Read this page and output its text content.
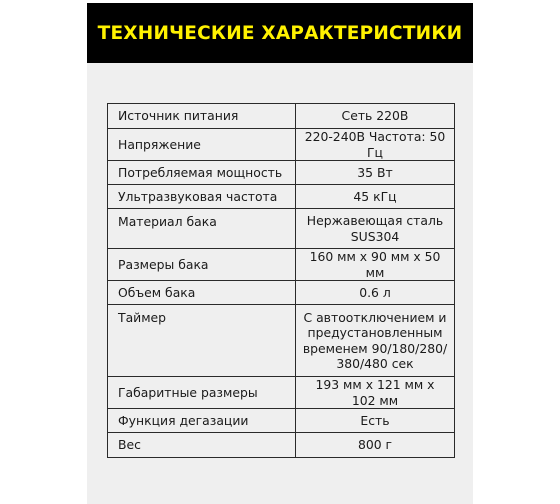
ТЕХНИЧЕСКИЕ ХАРАКТЕРИСТИКИ
Источник питания	Сеть 220В
Напряжение	220-240В Частота: 50 Гц
Потребляемая мощность	35 Вт
Ультразвуковая частота	45 кГц
Материал бака	Нержавеющая сталь SUS304
Размеры бака	160 мм x 90 мм x 50 мм
Объем бака	0.6 л
Таймер	С автоотключением и предустановленным временем 90/180/280/ 380/480 сек
Габаритные размеры	193 мм x 121 мм x 102 мм
Функция дегазации	Есть
Вес	800 г
